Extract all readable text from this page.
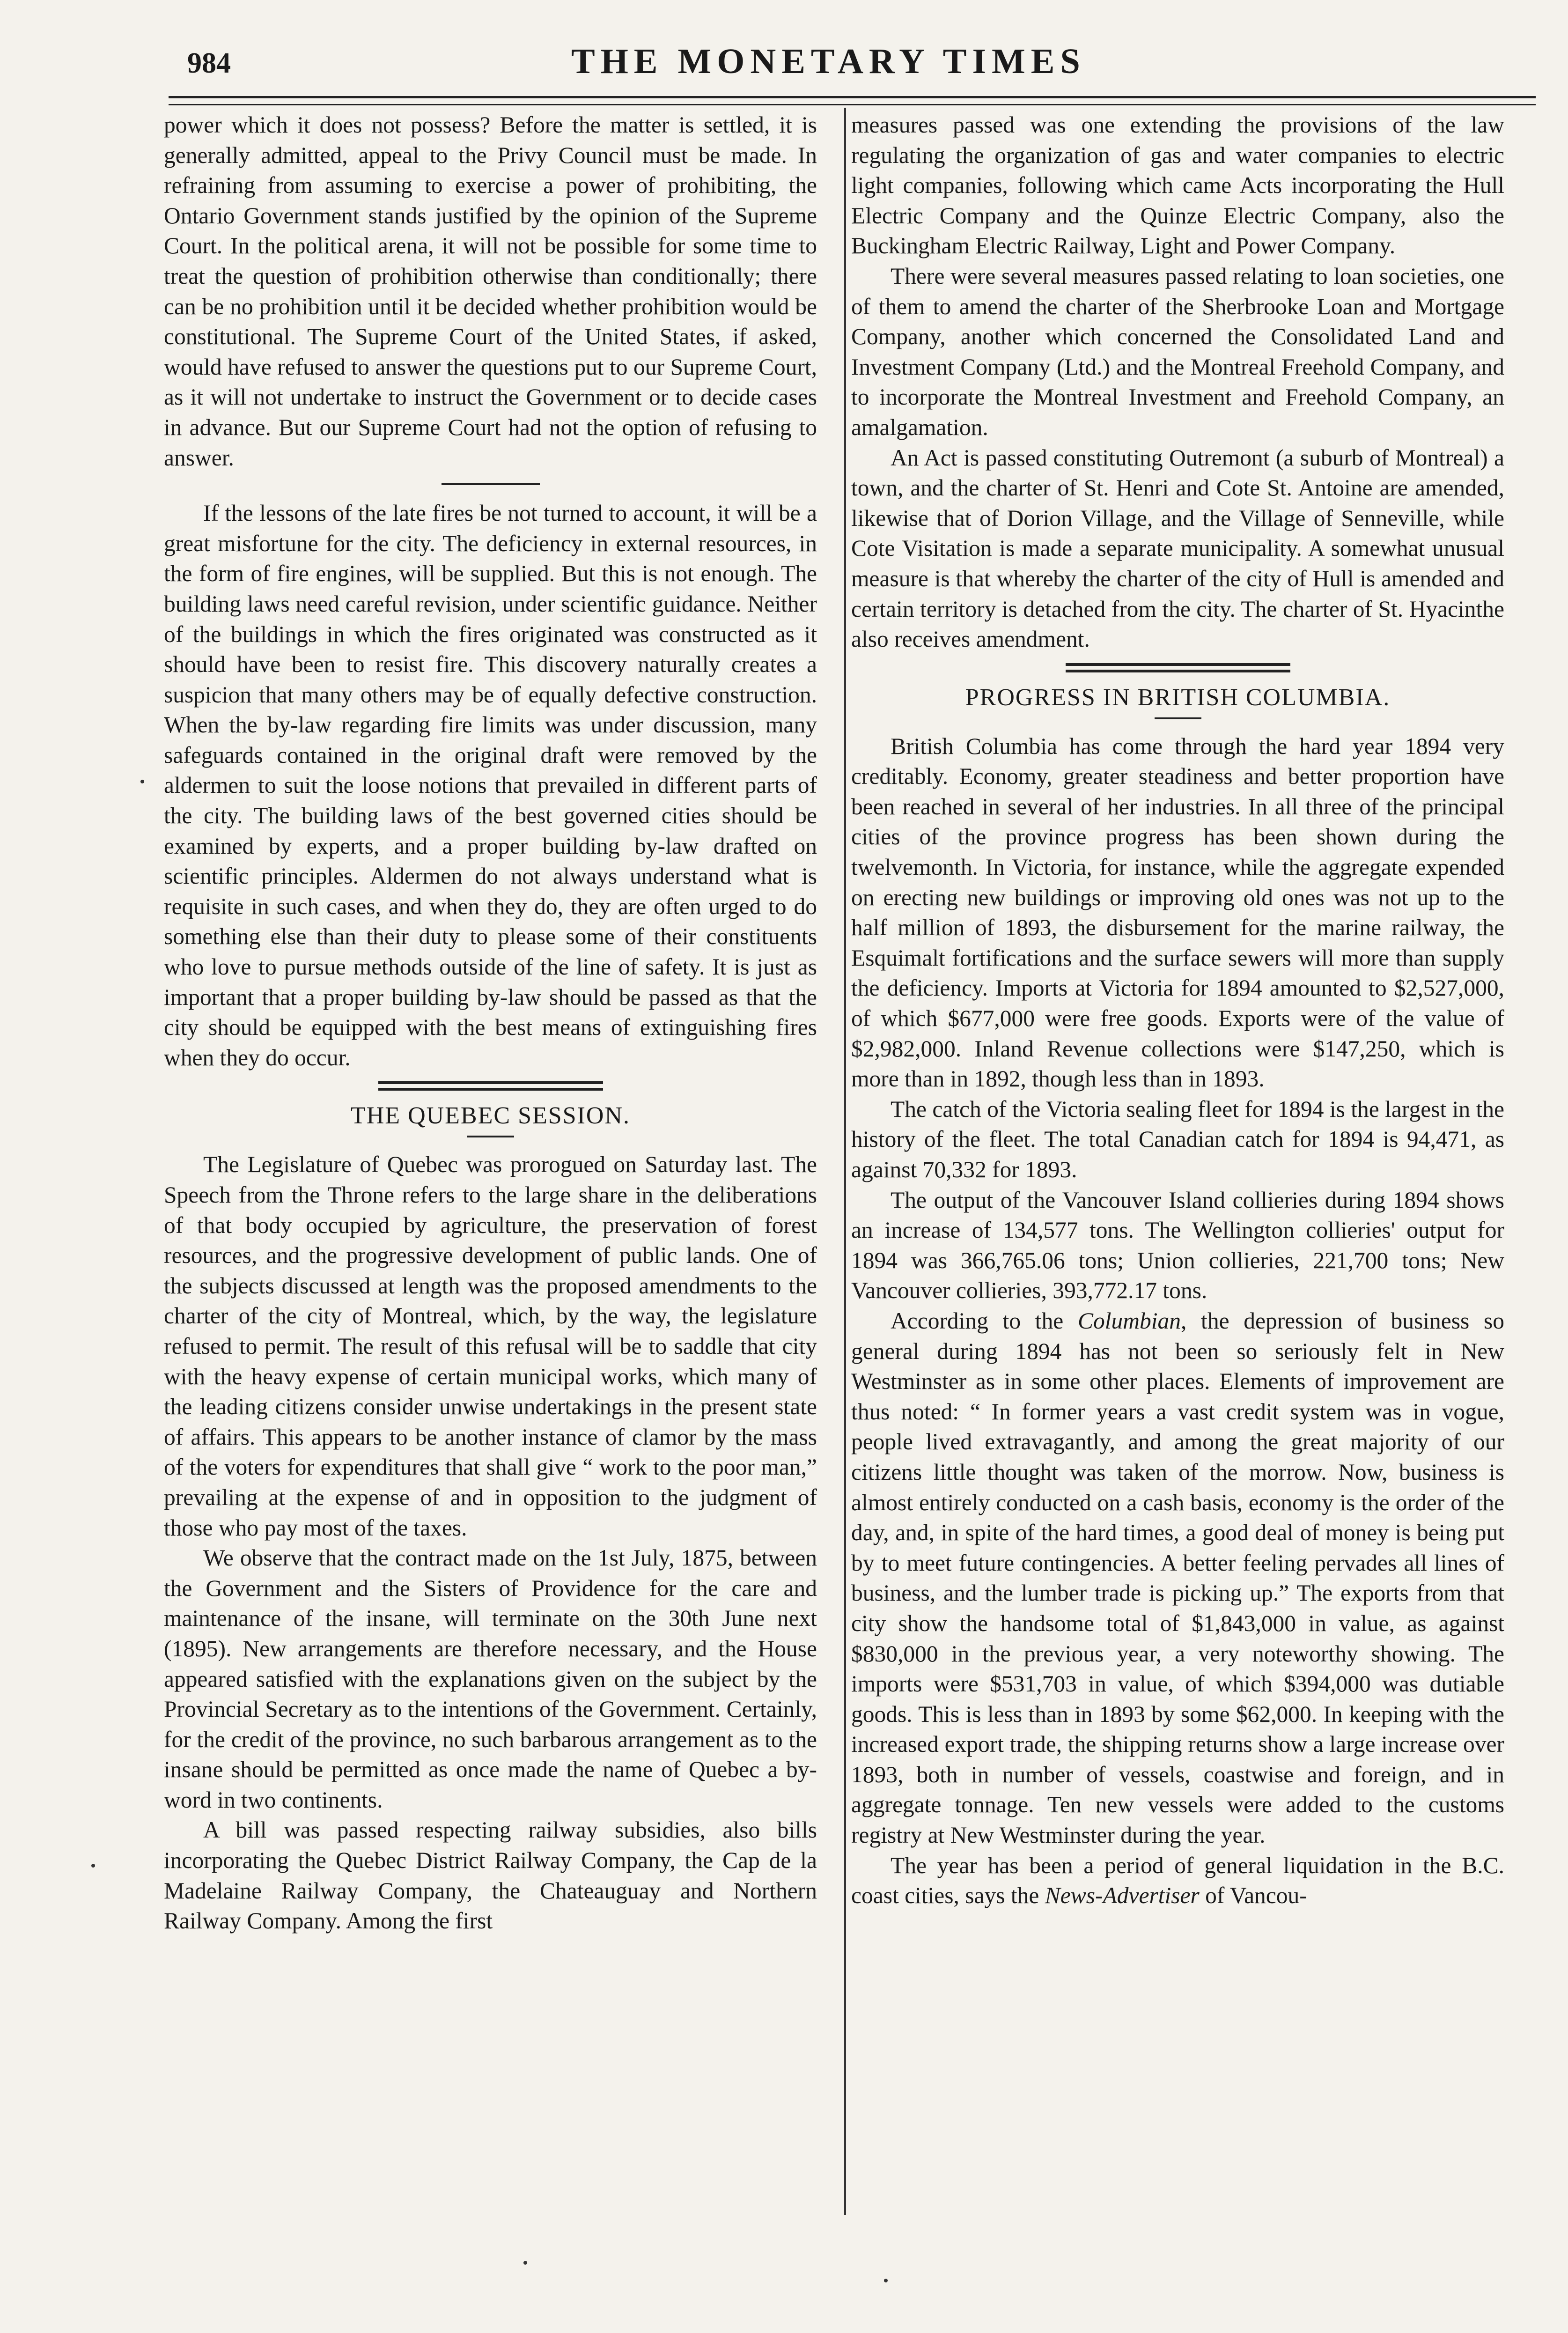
984	THE MONETARY TIMES

power which it does not possess? Before the matter is settled, it is generally admitted, appeal to the Privy Council must be made. In refraining from assuming to exercise a power of prohibiting, the Ontario Government stands justified by the opinion of the Supreme Court. In the political arena, it will not be possible for some time to treat the question of prohibition otherwise than conditionally; there can be no prohibition until it be decided whether prohibition would be constitutional. The Supreme Court of the United States, if asked, would have refused to answer the questions put to our Supreme Court, as it will not undertake to instruct the Government or to decide cases in advance. But our Supreme Court had not the option of refusing to answer.

If the lessons of the late fires be not turned to account, it will be a great misfortune for the city. The deficiency in external resources, in the form of fire engines, will be supplied. But this is not enough. The building laws need careful revision, under scientific guidance. Neither of the buildings in which the fires originated was constructed as it should have been to resist fire. This discovery naturally creates a suspicion that many others may be of equally defective construction. When the by-law regarding fire limits was under discussion, many safeguards contained in the original draft were removed by the aldermen to suit the loose notions that prevailed in different parts of the city. The building laws of the best governed cities should be examined by experts, and a proper building by-law drafted on scientific principles. Aldermen do not always understand what is requisite in such cases, and when they do, they are often urged to do something else than their duty to please some of their constituents who love to pursue methods outside of the line of safety. It is just as important that a proper building by-law should be passed as that the city should be equipped with the best means of extinguishing fires when they do occur.

THE QUEBEC SESSION.

The Legislature of Quebec was prorogued on Saturday last. The Speech from the Throne refers to the large share in the deliberations of that body occupied by agriculture, the preservation of forest resources, and the progressive development of public lands. One of the subjects discussed at length was the proposed amendments to the charter of the city of Montreal, which, by the way, the legislature refused to permit. The result of this refusal will be to saddle that city with the heavy expense of certain municipal works, which many of the leading citizens consider unwise undertakings in the present state of affairs. This appears to be another instance of clamor by the mass of the voters for expenditures that shall give “ work to the poor man,” prevailing at the expense of and in opposition to the judgment of those who pay most of the taxes.

We observe that the contract made on the 1st July, 1875, between the Government and the Sisters of Providence for the care and maintenance of the insane, will terminate on the 30th June next (1895). New arrangements are therefore necessary, and the House appeared satisfied with the explanations given on the subject by the Provincial Secretary as to the intentions of the Government. Certainly, for the credit of the province, no such barbarous arrangement as to the insane should be permitted as once made the name of Quebec a by-word in two continents.

A bill was passed respecting railway subsidies, also bills incorporating the Quebec District Railway Company, the Cap de la Madelaine Railway Company, the Chateauguay and Northern Railway Company. Among the first

measures passed was one extending the provisions of the law regulating the organization of gas and water companies to electric light companies, following which came Acts incorporating the Hull Electric Company and the Quinze Electric Company, also the Buckingham Electric Railway, Light and Power Company.

There were several measures passed relating to loan societies, one of them to amend the charter of the Sherbrooke Loan and Mortgage Company, another which concerned the Consolidated Land and Investment Company (Ltd.) and the Montreal Freehold Company, and to incorporate the Montreal Investment and Freehold Company, an amalgamation.

An Act is passed constituting Outremont (a suburb of Montreal) a town, and the charter of St. Henri and Cote St. Antoine are amended, likewise that of Dorion Village, and the Village of Senneville, while Cote Visitation is made a separate municipality. A somewhat unusual measure is that whereby the charter of the city of Hull is amended and certain territory is detached from the city. The charter of St. Hyacinthe also receives amendment.

PROGRESS IN BRITISH COLUMBIA.

British Columbia has come through the hard year 1894 very creditably. Economy, greater steadiness and better proportion have been reached in several of her industries. In all three of the principal cities of the province progress has been shown during the twelvemonth. In Victoria, for instance, while the aggregate expended on erecting new buildings or improving old ones was not up to the half million of 1893, the disbursement for the marine railway, the Esquimalt fortifications and the surface sewers will more than supply the deficiency. Imports at Victoria for 1894 amounted to $2,527,000, of which $677,000 were free goods. Exports were of the value of $2,982,000. Inland Revenue collections were $147,250, which is more than in 1892, though less than in 1893.

The catch of the Victoria sealing fleet for 1894 is the largest in the history of the fleet. The total Canadian catch for 1894 is 94,471, as against 70,332 for 1893.

The output of the Vancouver Island collieries during 1894 shows an increase of 134,577 tons. The Wellington collieries' output for 1894 was 366,765.06 tons; Union collieries, 221,700 tons; New Vancouver collieries, 393,772.17 tons.

According to the Columbian, the depression of business so general during 1894 has not been so seriously felt in New Westminster as in some other places. Elements of improvement are thus noted: “ In former years a vast credit system was in vogue, people lived extravagantly, and among the great majority of our citizens little thought was taken of the morrow. Now, business is almost entirely conducted on a cash basis, economy is the order of the day, and, in spite of the hard times, a good deal of money is being put by to meet future contingencies. A better feeling pervades all lines of business, and the lumber trade is picking up.” The exports from that city show the handsome total of $1,843,000 in value, as against $830,000 in the previous year, a very noteworthy showing. The imports were $531,703 in value, of which $394,000 was dutiable goods. This is less than in 1893 by some $62,000. In keeping with the increased export trade, the shipping returns show a large increase over 1893, both in number of vessels, coastwise and foreign, and in aggregate tonnage. Ten new vessels were added to the customs registry at New Westminster during the year.

The year has been a period of general liquidation in the B.C. coast cities, says the News-Advertiser of Vancou-
